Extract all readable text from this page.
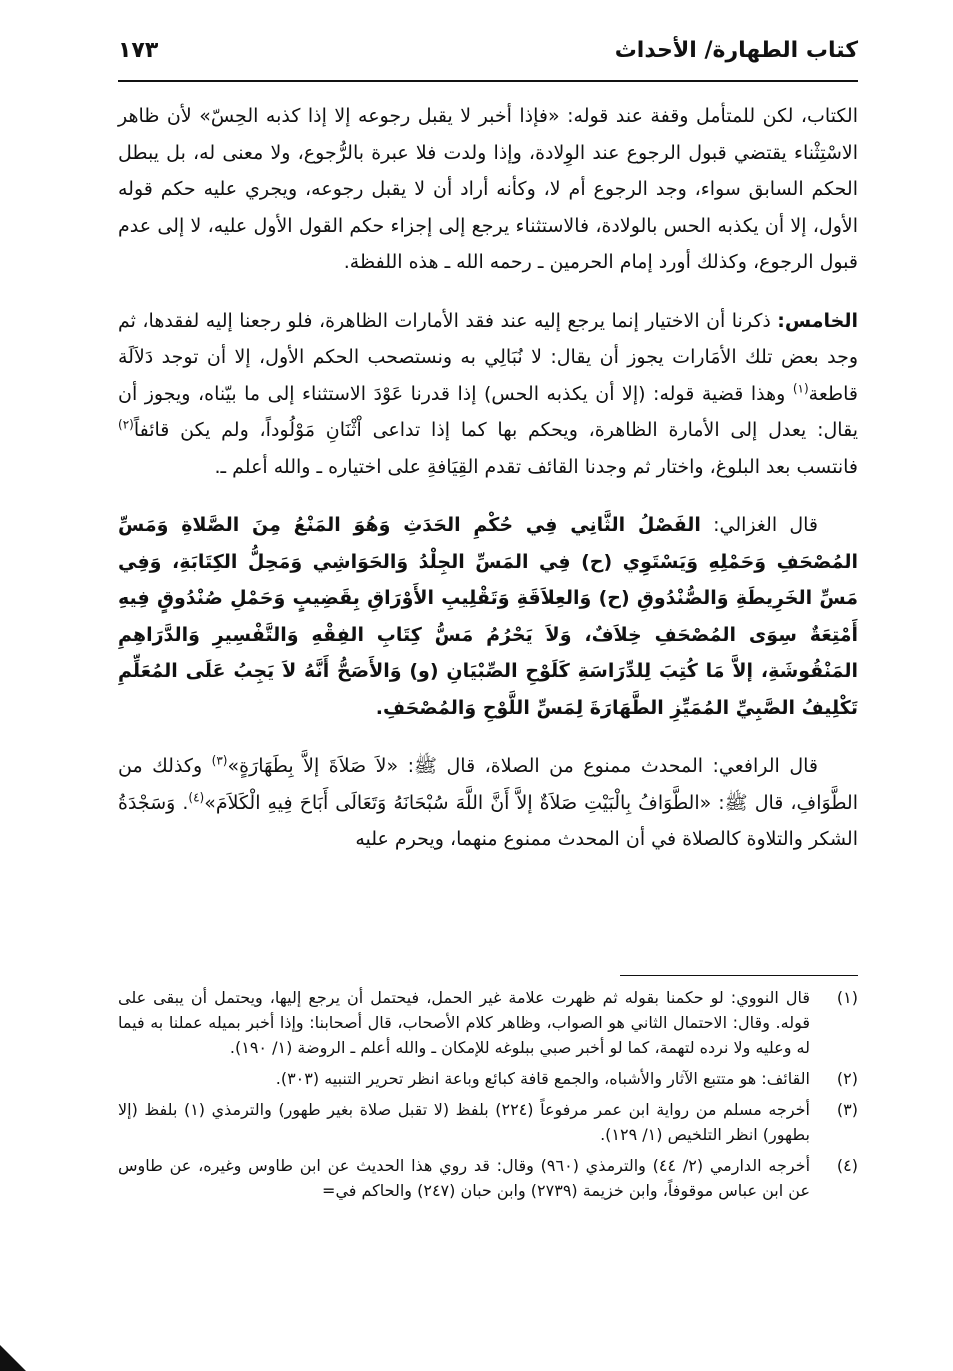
كتاب الطهارة/ الأحداث
١٧٣

الكتاب، لكن للمتأمل وقفة عند قوله: «فإذا أخبر لا يقبل رجوعه إلا إذا كذبه الحِسّ» لأن ظاهر الاسْتِثْناء يقتضي قبول الرجوع عند الوِلادة، وإذا ولدت فلا عبرة بالرُّجوع، ولا معنى له، بل يبطل الحكم السابق سواء، وجد الرجوع أم لا، وكأنه أراد أن لا يقبل رجوعه، ويجري عليه حكم قوله الأول، إلا أن يكذبه الحس بالولادة، فالاستثناء يرجع إلى إجزاء حكم القول الأول عليه، لا إلى عدم قبول الرجوع، وكذلك أورد إمام الحرمين ـ رحمه الله ـ هذه اللفظة.

الخامس: ذكرنا أن الاختيار إنما يرجع إليه عند فقد الأمارات الظاهرة، فلو رجعنا إليه لفقدها، ثم وجد بعض تلك الأمَارات يجوز أن يقال: لا نُبَالِي به ونستصحب الحكم الأول، إلا أن توجد دَلاَلَة قاطعة$^{(١)}$ وهذا قضية قوله: (إلا أن يكذبه الحس) إذا قدرنا عَوْدَ الاستثناء إلى ما بيّناه، ويجوز أن يقال: يعدل إلى الأمارة الظاهرة، ويحكم بها كما إذا تداعى اْثْنَانِ مَوْلُوداً، ولم يكن قائفاً$^{(٢)}$ فانتسب بعد البلوغ، واختار ثم وجدنا القائف تقدم القِيَافةِ على اختياره ـ والله أعلم ـ.

قال الغزالي: الفَصْلُ الثَّانِي فِي حُكْمِ الحَدَثِ وَهُوَ المَنْعُ مِنَ الصَّلاةِ وَمَسِّ المُصْحَفِ وَحَمْلِهِ وَيَسْتَوِي (ح) فِي المَسِّ الجِلْدُ وَالحَوَاشِي وَمَحِلُّ الكِتَابَةِ، وَفِي مَسِّ الخَرِيطَةِ وَالصُّنْدُوقِ (ح) وَالعِلاَقَةِ وَتَقْلِيبِ الأَوْرَاقِ بِقَضِيبٍ وَحَمْلِ صُنْدُوقٍ فِيهِ أَمْتِعَةٌ سِوَى المُصْحَفِ خِلاَفٌ، وَلاَ يَحْرُمُ مَسُّ كِتَابِ الفِقْهِ وَالتَّفْسِيرِ وَالدَّرَاهِمِ المَنْقُوشَةِ، إلاَّ مَا كُتِبَ لِلدِّرَاسَةِ كَلَوْحِ الصِّبْيَانِ (و) وَالأَصَحُّ أَنَّهُ لاَ يَجِبُ عَلَى المُعَلِّمِ تَكْلِيفُ الصَّبِيِّ المُمَيِّزِ الطَّهَارَةَ لِمَسِّ اللَّوْحِ وَالمُصْحَفِ.

قال الرافعي: المحدث ممنوع من الصلاة، قال ﷺ: «لاَ صَلاَةَ إلاَّ بِطَهَارَةٍ»$^{(٣)}$ وكذلك من الطَّوَافِ، قال ﷺ: «الطَّوَافُ بِالْبَيْتِ صَلاَةٌ إلاَّ أَنَّ اللَّهَ سُبْحَانَهُ وَتَعَالَى أَبَاحَ فِيهِ الْكَلاَمَ»$^{(٤)}$. وَسَجْدَةُ الشكر والتلاوة كالصلاة في أن المحدث ممنوع منهما، ويحرم عليه

(١)
قال النووي: لو حكمنا بقوله ثم ظهرت علامة غير الحمل، فيحتمل أن يرجع إليها، ويحتمل أن يبقى على قوله. وقال: الاحتمال الثاني هو الصواب، وظاهر كلام الأصحاب، قال أصحابنا: وإذا أخبر بميله عملنا به فيما له وعليه ولا نرده لتهمة، كما لو أخبر صبي ببلوغه للإمكان ـ والله أعلم ـ الروضة (١/ ١٩٠).
(٢)
القائف: هو متتبع الآثار والأشباه، والجمع قافة كبائع وباعة انظر تحرير التنبيه (٣٠٣).
(٣)
أخرجه مسلم من رواية ابن عمر مرفوعاً (٢٢٤) بلفظ (لا تقبل صلاة بغير طهور) والترمذي (١) بلفظ (إلا بطهور) انظر التلخيص (١/ ١٢٩).
(٤)
أخرجه الدارمي (٢/ ٤٤) والترمذي (٩٦٠) وقال: قد روي هذا الحديث عن ابن طاوس وغيره، عن طاوس عن ابن عباس موقوفاً، وابن خزيمة (٢٧٣٩) وابن حبان (٢٤٧) والحاكم في=
